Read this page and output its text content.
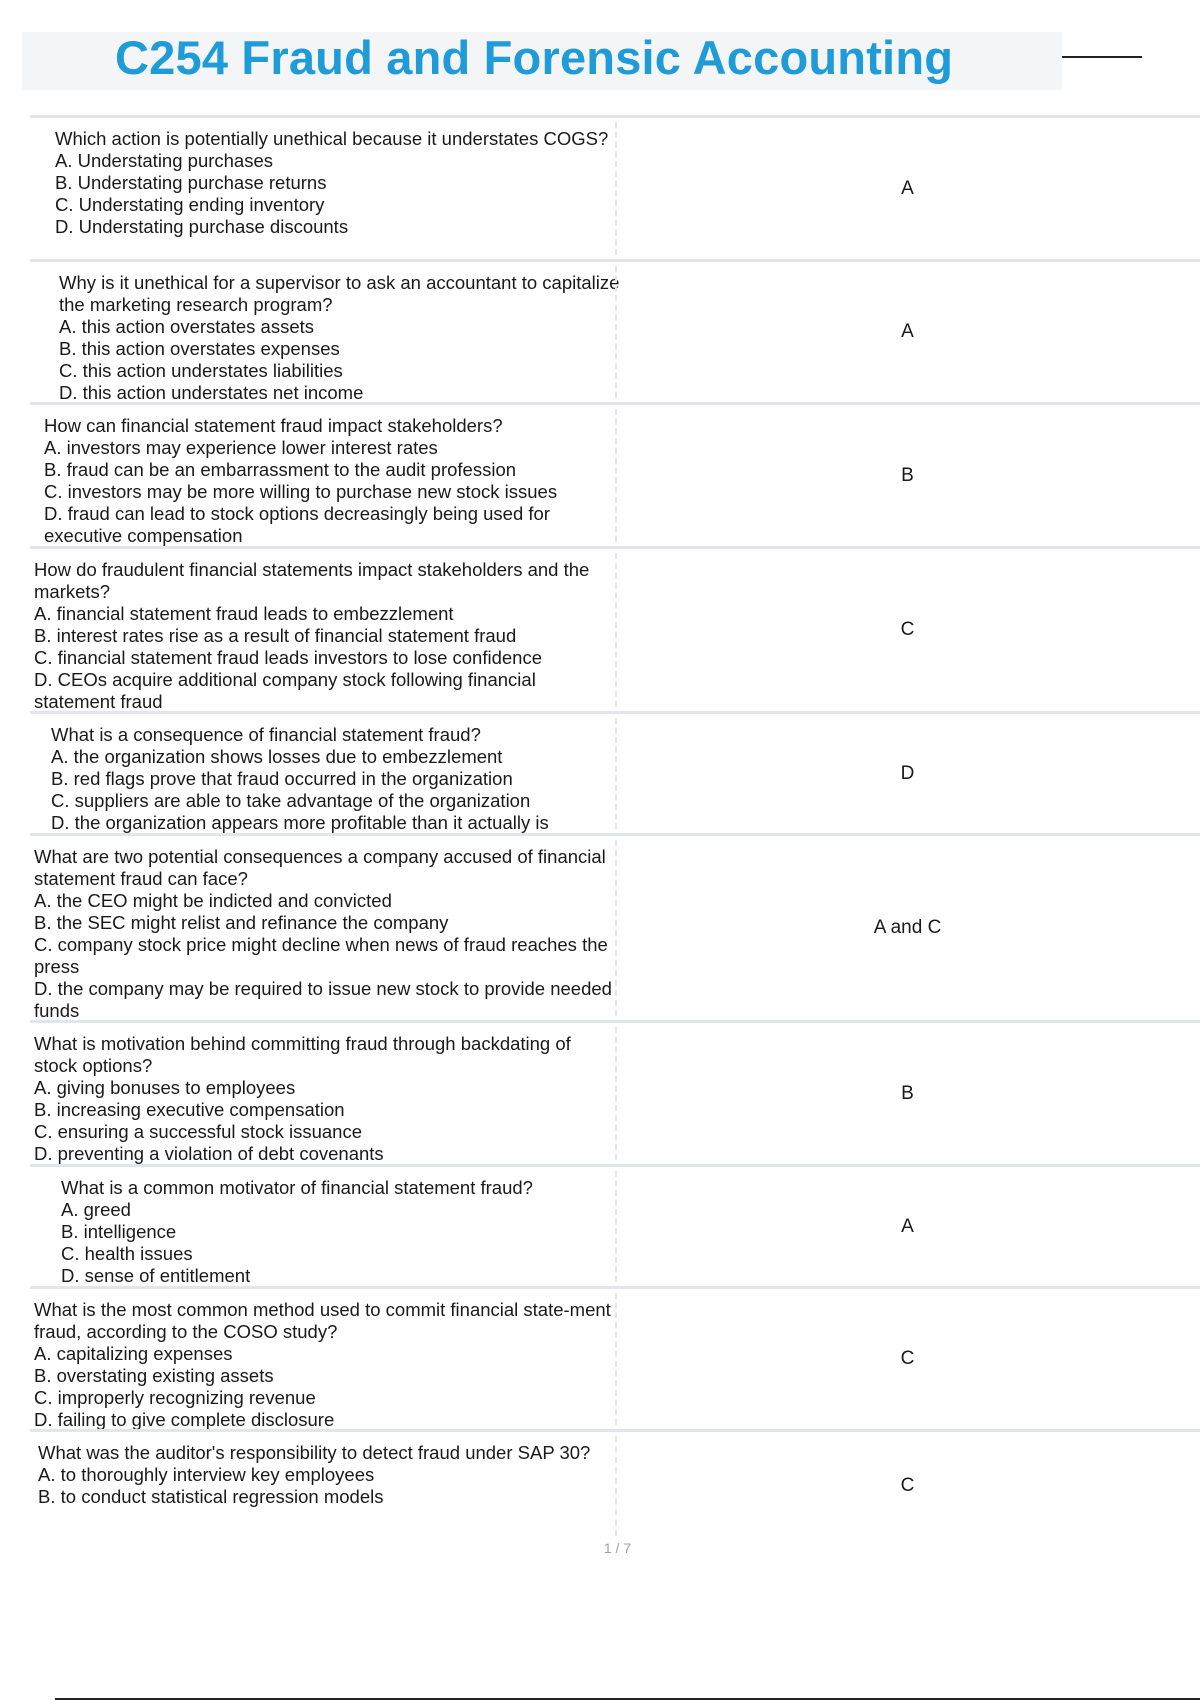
C254 Fraud and Forensic Accounting
Which action is potentially unethical because it understates COGS?
A. Understating purchases
B. Understating purchase returns
C. Understating ending inventory
D. Understating purchase discounts
A
Why is it unethical for a supervisor to ask an accountant to capitalize the marketing research program?
A. this action overstates assets
B. this action overstates expenses
C. this action understates liabilities
D. this action understates net income
A
How can financial statement fraud impact stakeholders?
A. investors may experience lower interest rates
B. fraud can be an embarrassment to the audit profession
C. investors may be more willing to purchase new stock issues
D. fraud can lead to stock options decreasingly being used for executive compensation
B
How do fraudulent financial statements impact stakeholders and the markets?
A. financial statement fraud leads to embezzlement
B. interest rates rise as a result of financial statement fraud
C. financial statement fraud leads investors to lose confidence
D. CEOs acquire additional company stock following financial statement fraud
C
What is a consequence of financial statement fraud?
A. the organization shows losses due to embezzlement
B. red flags prove that fraud occurred in the organization
C. suppliers are able to take advantage of the organization
D. the organization appears more profitable than it actually is
D
What are two potential consequences a company accused of financial statement fraud can face?
A. the CEO might be indicted and convicted
B. the SEC might relist and refinance the company
C. company stock price might decline when news of fraud reaches the press
D. the company may be required to issue new stock to provide needed funds
A and C
What is motivation behind committing fraud through backdating of stock options?
A. giving bonuses to employees
B. increasing executive compensation
C. ensuring a successful stock issuance
D. preventing a violation of debt covenants
B
What is a common motivator of financial statement fraud?
A. greed
B. intelligence
C. health issues
D. sense of entitlement
A
What is the most common method used to commit financial state-ment fraud, according to the COSO study?
A. capitalizing expenses
B. overstating existing assets
C. improperly recognizing revenue
D. failing to give complete disclosure
C
What was the auditor's responsibility to detect fraud under SAP 30?
A. to thoroughly interview key employees
B. to conduct statistical regression models
C
1 / 7
